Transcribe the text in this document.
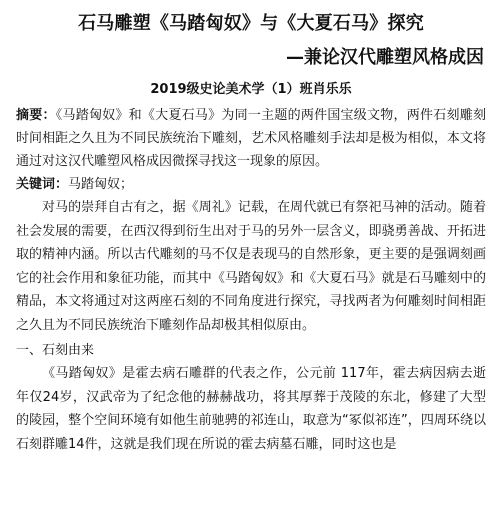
石马雕塑《马踏匈奴》与《大夏石马》探究
—兼论汉代雕塑风格成因
2019级史论美术学（1）班肖乐乐
摘要：《马踏匈奴》和《大夏石马》为同一主题的两件国宝级文物，两件石刻雕刻时间相距之久且为不同民族统治下雕刻，艺术风格雕刻手法却是极为相似，本文将通过对这汉代雕塑风格成因微探寻找这一现象的原因。
关键词：马踏匈奴；

对马的崇拜自古有之，据《周礼》记载，在周代就已有祭祀马神的活动。随着社会发展的需要，在西汉得到衍生出对于马的另外一层含义，即骁勇善战、开拓进取的精神内涵。所以古代雕刻的马不仅是表现马的自然形象，更主要的是强调刻画它的社会作用和象征功能，而其中《马踏匈奴》和《大夏石马》就是石马雕刻中的精品，本文将通过对这两座石刻的不同角度进行探究，寻找两者为何雕刻时间相距之久且为不同民族统治下雕刻作品却极其相似原由。

一、石刻由来

《马踏匈奴》是霍去病石雕群的代表之作，公元前 117年，霍去病因病去逝年仅24岁，汉武帝为了纪念他的赫赫战功，将其厚葬于茂陵的东北，修建了大型的陵园，整个空间环境有如他生前驰骋的祁连山，取意为“冢似祁连”，四周环绕以石刻群雕14件，这就是我们现在所说的霍去病墓石雕，同时这也是
